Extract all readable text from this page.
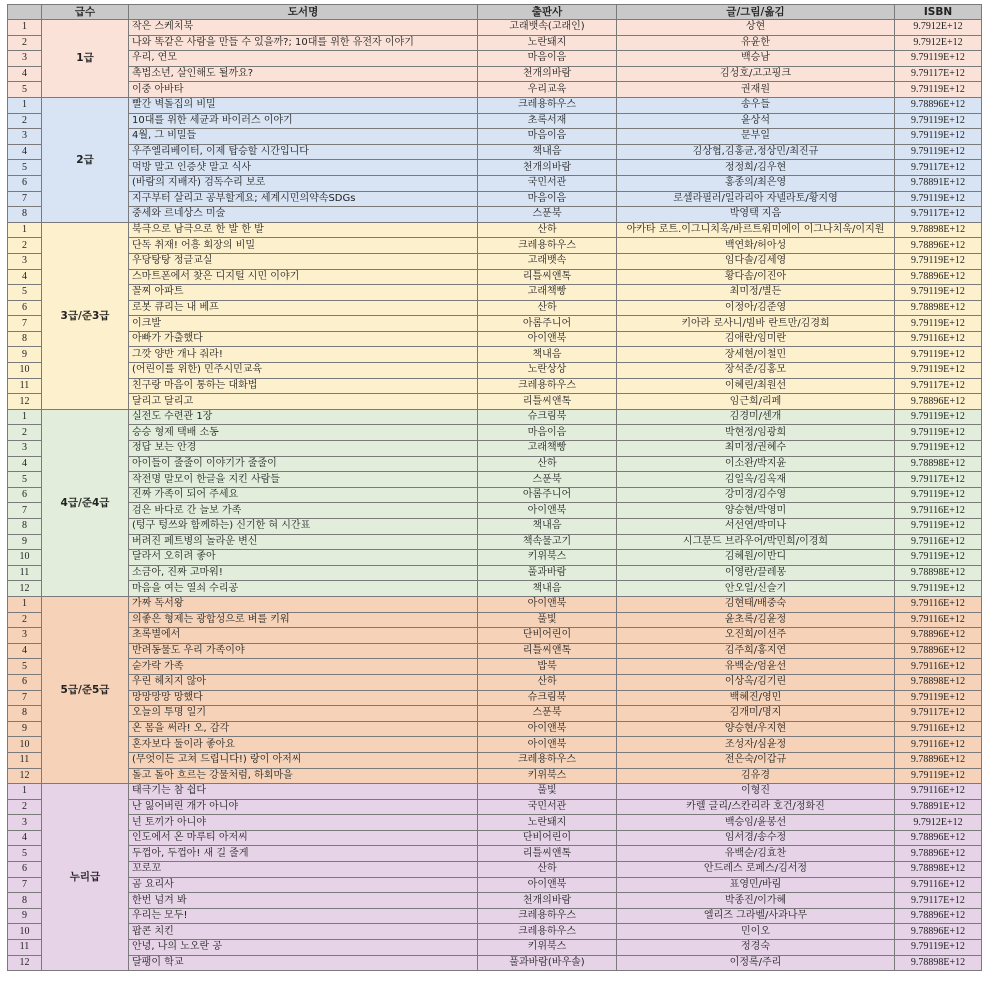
	급수	도서명	출판사	글/그림/옮김	ISBN
1	1급	작은 스케치북	고래뱃속(고래인)	상현	9.7912E+12
2		나와 똑같은 사람을 만들 수 있을까?; 10대를 위한 유전자 이야기	노란돼지	유윤한	9.7912E+12
3		우리, 연모	마음이음	백승남	9.79119E+12
4		촉법소년, 살인해도 될까요?	천개의바람	김성호/고고핑크	9.79117E+12
5		이중 아바타	우리교육	권재원	9.79119E+12
1	2급	빨간 벽돌집의 비밀	크레용하우스	송우들	9.78896E+12
2		10대를 위한 세균과 바이러스 이야기	초록서재	윤상석	9.79119E+12
3		4월, 그 비밀들	마음이음	문부일	9.79119E+12
4		우주엘리베이터, 이제 탑승할 시간입니다	책내음	김상협,김홍균,정상민/최진규	9.79119E+12
5		먹방 말고 인증샷 말고 식사	천개의바람	정정희/김우현	9.79117E+12
6		(바람의 지배자) 검독수리 보로	국민서관	홍종의/최은영	9.78891E+12
7		지구부터 살리고 공부할게요; 세계시민의약속SDGs	마음이음	로셀라필러/일라리아 자넬라토/황지영	9.79119E+12
8		중세와 르네상스 미술	스푼북	박영택 지음	9.79117E+12
1	3급/준3급	북극으로 남극으로 한 발 한 발	산하	아카타 로트.이그니치욱/바르트워미에이 이그나치욱/이지원	9.78898E+12
2		단독 취재! 어흥 회장의 비밀	크레용하우스	백연화/허아성	9.78896E+12
3		우당탕탕 정글교실	고래뱃속	임다솔/김세영	9.79119E+12
4		스마트폰에서 찾은 디지털 시민 이야기	리틀씨앤톡	황다솜/이진아	9.78896E+12
5		꼴찌 아파트	고래책빵	최미정/별든	9.79119E+12
6		로봇 큐리는 내 베프	산하	이정아/김준영	9.78898E+12
7		이크발	아롬주니어	키아라 로사니/빔바 란트만/김경희	9.79119E+12
8		아빠가 가출했다	아이앤북	김애란/임미란	9.79116E+12
9		그깟 양반 개나 줘라!	책내음	장세현/이철민	9.79119E+12
10		(어린이를 위한) 민주시민교육	노란상상	장석준/김홍모	9.79119E+12
11		친구랑 마음이 통하는 대화법	크레용하우스	이혜린/최원선	9.79117E+12
12		달리고 달리고	리틀씨앤톡	임근희/리페	9.78896E+12
1	4급/준4급	실전도 수련관 1장	슈크림북	김경미/센개	9.79119E+12
2		승승 형제 택배 소동	마음이음	박현정/임광희	9.79119E+12
3		정답 보는 안경	고래책빵	최미정/권혜수	9.79119E+12
4		아이들이 줄줄이 이야기가 줄줄이	산하	이소완/박지윤	9.78898E+12
5		작전명 말모이 한글을 지킨 사람들	스푼북	김일옥/김옥재	9.79117E+12
6		진짜 가족이 되어 주세요	아롬주니어	강미경/김수영	9.79119E+12
7		검은 바다로 간 늘보 가족	아이앤북	양승현/박영미	9.79116E+12
8		(텅구 텅쓰와 함께하는) 신기한 혀 시간표	책내음	서선연/박미나	9.79119E+12
9		버려진 페트병의 놀라운 변신	책속물고기	시그문드 브라우어/박민희/이경희	9.79116E+12
10		달라서 오히려 좋아	키위북스	김혜원/이반디	9.79119E+12
11		소금아, 진짜 고마워!	풀과바람	이영란/끌레몽	9.78898E+12
12		마음을 여는 열쇠 수리공	책내음	안오일/신슬기	9.79119E+12
1	5급/준5급	가짜 독서왕	아이앤북	김현태/배중숙	9.79116E+12
2		의좋은 형제는 광합성으로 벼를 키워	풀빛	윤초록/김윤정	9.79116E+12
3		초록별에서	단비어린이	오진희/이선주	9.78896E+12
4		반려동물도 우리 가족이야	리틀씨앤톡	김주희/홍지연	9.78896E+12
5		숟가락 가족	밥북	유백순/엄윤선	9.79116E+12
6		우린 헤치지 않아	산하	이상옥/김기린	9.78898E+12
7		망망망망 망했다	슈크림북	백혜진/영민	9.79119E+12
8		오늘의 투명 일기	스푼북	김개미/명지	9.79117E+12
9		온 몸을 써라! 오, 감각	아이앤북	양승현/우지현	9.79116E+12
10		혼자보다 둘이라 좋아요	아이앤북	조성자/심윤정	9.79116E+12
11		(무엇이든 고쳐 드립니다!) 랑이 아저씨	크레용하우스	전은숙/이갑규	9.78896E+12
12		돌고 돌아 흐르는 강물처럼, 하회마을	키위북스	김유경	9.79119E+12
1	누리급	태극기는 참 쉽다	풀빛	이형진	9.79116E+12
2		난 잃어버린 개가 아니야	국민서관	카렐 글리/스칸리라 호건/정화진	9.78891E+12
3		넌 토끼가 아니야	노란돼지	백승임/윤봉선	9.7912E+12
4		인도에서 온 마루티 아저씨	단비어린이	임서경/송수정	9.78896E+12
5		두껍아, 두껍아! 새 길 줄게	리틀씨앤톡	유백순/김효찬	9.78896E+12
6		꼬로꼬	산하	안드레스 로페스/김서정	9.78898E+12
7		곰 요리사	아이앤북	표영민/바림	9.79116E+12
8		한번 넘겨 봐	천개의바람	박종진/이가혜	9.79117E+12
9		우리는 모두!	크레용하우스	엘리즈 그라벨/사과나무	9.78896E+12
10		팝콘 치킨	크레용하우스	민이오	9.78896E+12
11		안녕, 나의 노오란 공	키위북스	정경숙	9.79119E+12
12		달팽이 학교	풀과바람(바우솔)	이정록/주리	9.78898E+12
